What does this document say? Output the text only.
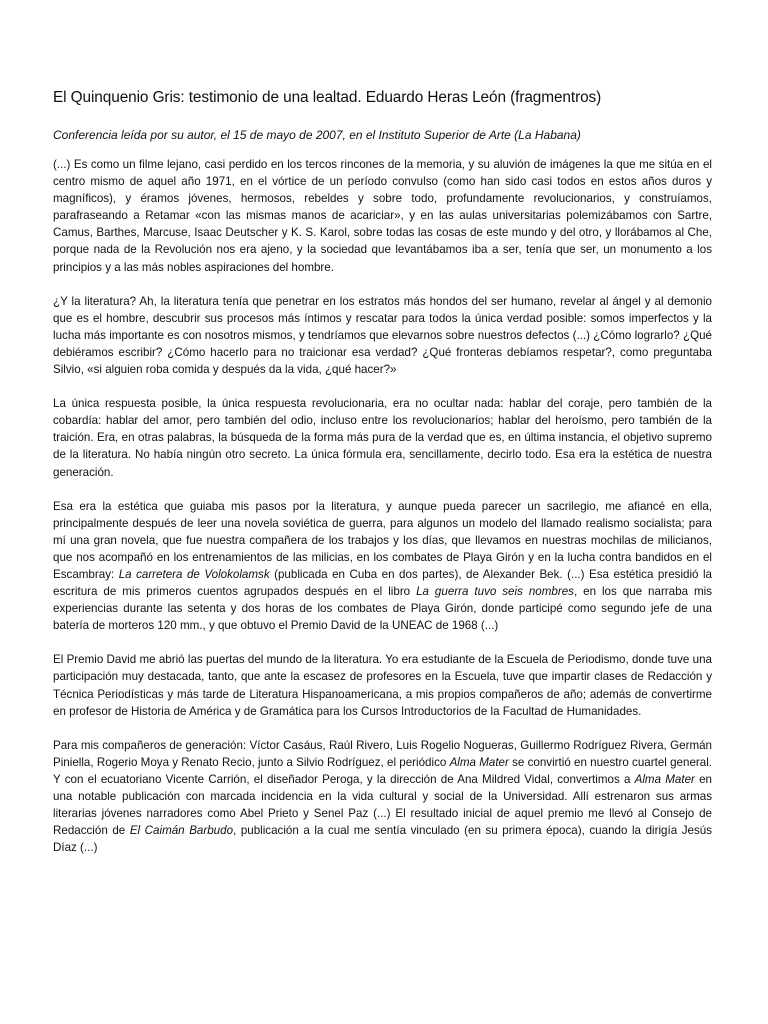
El Quinquenio Gris: testimonio de una lealtad. Eduardo Heras León (fragmentros)

Conferencia leída por su autor, el 15 de mayo de 2007, en el Instituto Superior de Arte (La Habana)

(...) Es como un filme lejano, casi perdido en los tercos rincones de la memoria, y su aluvión de imágenes la que me sitúa en el centro mismo de aquel año 1971, en el vórtice de un período convulso (como han sido casi todos en estos años duros y magníficos), y éramos jóvenes, hermosos, rebeldes y sobre todo, profundamente revolucionarios, y construíamos, parafraseando a Retamar «con las mismas manos de acariciar», y en las aulas universitarias polemizábamos con Sartre, Camus, Barthes, Marcuse, Isaac Deutscher y K. S. Karol, sobre todas las cosas de este mundo y del otro, y llorábamos al Che, porque nada de la Revolución nos era ajeno, y la sociedad que levantábamos iba a ser, tenía que ser, un monumento a los principios y a las más nobles aspiraciones del hombre.

¿Y la literatura? Ah, la literatura tenía que penetrar en los estratos más hondos del ser humano, revelar al ángel y al demonio que es el hombre, descubrir sus procesos más íntimos y rescatar para todos la única verdad posible: somos imperfectos y la lucha más importante es con nosotros mismos, y tendríamos que elevarnos sobre nuestros defectos (...) ¿Cómo lograrlo? ¿Qué debiéramos escribir? ¿Cómo hacerlo para no traicionar esa verdad? ¿Qué fronteras debíamos respetar?, como preguntaba Silvio, «si alguien roba comida y después da la vida, ¿qué hacer?»

La única respuesta posible, la única respuesta revolucionaria, era no ocultar nada: hablar del coraje, pero también de la cobardía: hablar del amor, pero también del odio, incluso entre los revolucionarios; hablar del heroísmo, pero también de la traición. Era, en otras palabras, la búsqueda de la forma más pura de la verdad que es, en última instancia, el objetivo supremo de la literatura. No había ningún otro secreto. La única fórmula era, sencillamente, decirlo todo. Esa era la estética de nuestra generación.

Esa era la estética que guiaba mis pasos por la literatura, y aunque pueda parecer un sacrilegio, me afiancé en ella, principalmente después de leer una novela soviética de guerra, para algunos un modelo del llamado realismo socialista; para mí una gran novela, que fue nuestra compañera de los trabajos y los días, que llevamos en nuestras mochilas de milicianos, que nos acompañó en los entrenamientos de las milicias, en los combates de Playa Girón y en la lucha contra bandidos en el Escambray: La carretera de Volokolamsk (publicada en Cuba en dos partes), de Alexander Bek. (...) Esa estética presidió la escritura de mis primeros cuentos agrupados después en el libro La guerra tuvo seis nombres, en los que narraba mis experiencias durante las setenta y dos horas de los combates de Playa Girón, donde participé como segundo jefe de una batería de morteros 120 mm., y que obtuvo el Premio David de la UNEAC de 1968 (...)

El Premio David me abrió las puertas del mundo de la literatura. Yo era estudiante de la Escuela de Periodismo, donde tuve una participación muy destacada, tanto, que ante la escasez de profesores en la Escuela, tuve que impartir clases de Redacción y Técnica Periodísticas y más tarde de Literatura Hispanoamericana, a mis propios compañeros de año; además de convertirme en profesor de Historia de América y de Gramática para los Cursos Introductorios de la Facultad de Humanidades.

Para mis compañeros de generación: Víctor Casáus, Raúl Rivero, Luis Rogelio Nogueras, Guillermo Rodríguez Rivera, Germán Piniella, Rogerio Moya y Renato Recio, junto a Silvio Rodríguez, el periódico Alma Mater se convirtió en nuestro cuartel general. Y con el ecuatoriano Vicente Carrión, el diseñador Peroga, y la dirección de Ana Mildred Vidal, convertimos a Alma Mater en una notable publicación con marcada incidencia en la vida cultural y social de la Universidad. Allí estrenaron sus armas literarias jóvenes narradores como Abel Prieto y Senel Paz (...) El resultado inicial de aquel premio me llevó al Consejo de Redacción de El Caimán Barbudo, publicación a la cual me sentía vinculado (en su primera época), cuando la dirigía Jesús Díaz (...)
